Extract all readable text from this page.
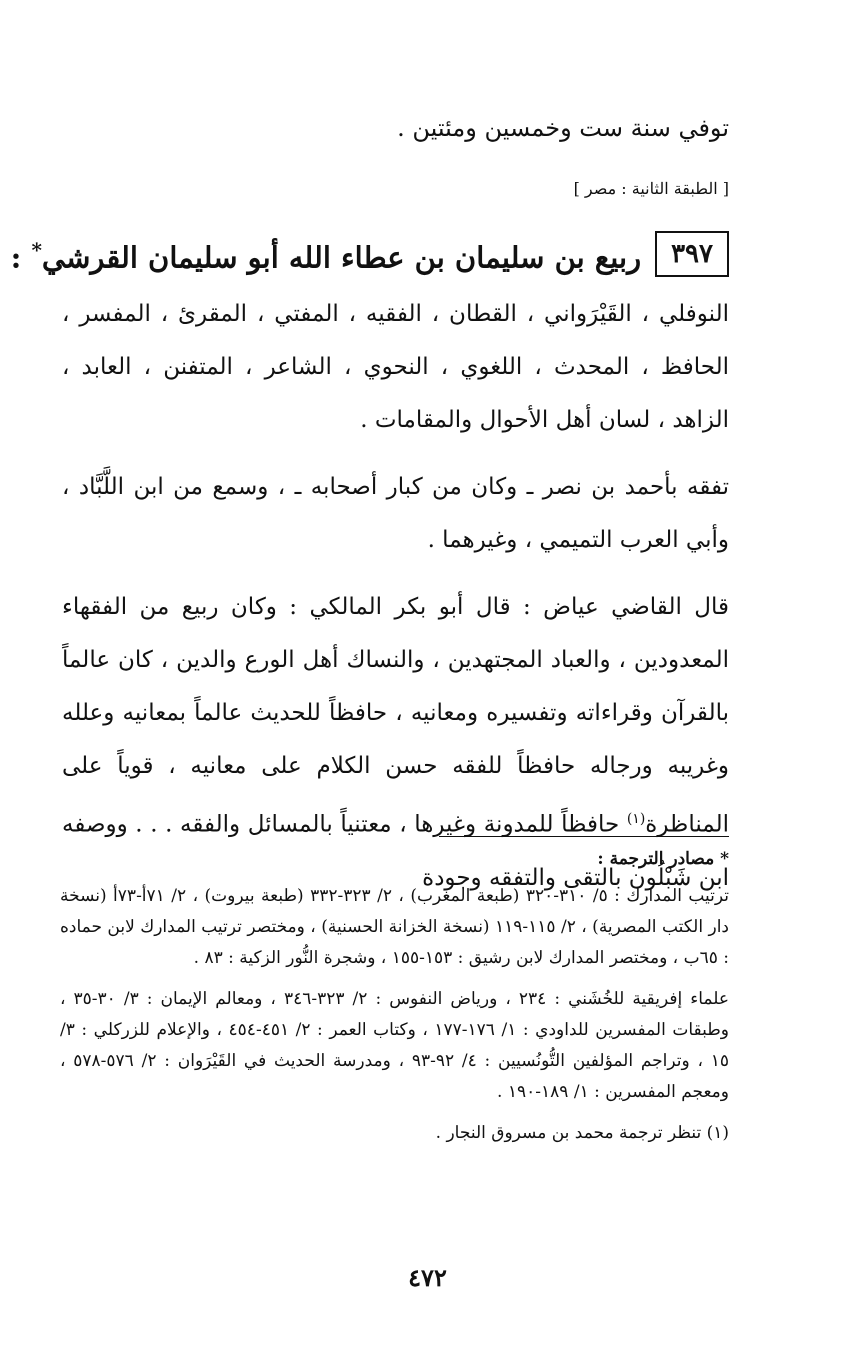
توفي سنة ست وخمسين ومئتين .
[ الطبقة الثانية : مصر ]
٣٩٧
ربيع بن سليمان بن عطاء الله أبو سليمان القرشي* :

النوفلي ، القَيْرَواني ، القطان ، الفقيه ، المفتي ، المقرئ ، المفسر ، الحافظ ، المحدث ، اللغوي ، النحوي ، الشاعر ، المتفنن ، العابد ، الزاهد ، لسان أهل الأحوال والمقامات .

تفقه بأحمد بن نصر ـ وكان من كبار أصحابه ـ ، وسمع من ابن اللَّبَّاد ، وأبي العرب التميمي ، وغيرهما .

قال القاضي عياض : قال أبو بكر المالكي : وكان ربيع من الفقهاء المعدودين ، والعباد المجتهدين ، والنساك أهل الورع والدين ، كان عالماً بالقرآن وقراءاته وتفسيره ومعانيه ، حافظاً للحديث عالماً بمعانيه وعلله وغريبه ورجاله حافظاً للفقه حسن الكلام على معانيه ، قوياً على المناظرة$^{(١)}$ حافظاً للمدونة وغيرها ، معتنياً بالمسائل والفقه . . . ووصفه ابن شَبْلُون بالتقى والتفقه وجودة

* مصادر الترجمة :

ترتيب المدارك : ٥/ ٣١٠-٣٢٠ (طبعة المغرب) ، ٢/ ٣٢٣-٣٣٢ (طبعة بيروت) ، ٢/ ٧١أ-٧٣أ (نسخة دار الكتب المصرية) ، ٢/ ١١٥-١١٩ (نسخة الخزانة الحسنية) ، ومختصر ترتيب المدارك لابن حماده : ٦٥ب ، ومختصر المدارك لابن رشيق : ١٥٣-١٥٥ ، وشجرة النُّور الزكية : ٨٣ .

علماء إفريقية للخُشَني : ٢٣٤ ، ورياض النفوس : ٢/ ٣٢٣-٣٤٦ ، ومعالم الإيمان : ٣/ ٣٠-٣٥ ، وطبقات المفسرين للداودي : ١/ ١٧٦-١٧٧ ، وكتاب العمر : ٢/ ٤٥١-٤٥٤ ، والإعلام للزركلي : ٣/ ١٥ ، وتراجم المؤلفين التُّونُسيين : ٤/ ٩٢-٩٣ ، ومدرسة الحديث في القَيْرَوان : ٢/ ٥٧٦-٥٧٨ ، ومعجم المفسرين : ١/ ١٨٩-١٩٠ .

(١) تنظر ترجمة محمد بن مسروق النجار .

٤٧٢
